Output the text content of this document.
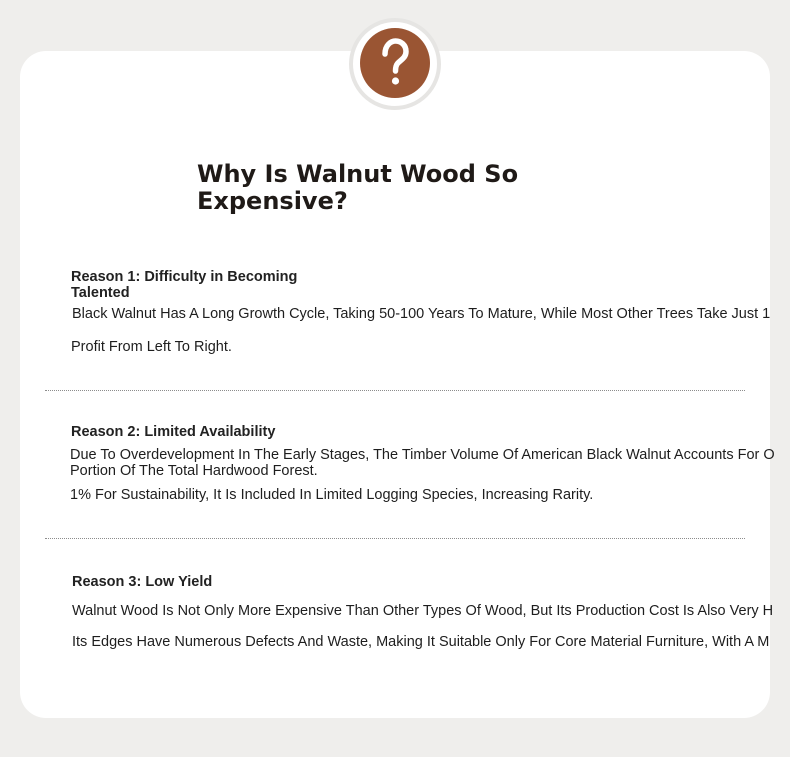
Why Is Walnut Wood So Expensive?
Reason 1: Difficulty in Becoming Talented
Black Walnut Has A Long Growth Cycle, Taking 50-100 Years To Mature, While Most Other Trees Take Just 1
Profit From Left To Right.
Reason 2: Limited Availability
Due To Overdevelopment In The Early Stages, The Timber Volume Of American Black Walnut Accounts For O
Portion Of The Total Hardwood Forest.
1% For Sustainability, It Is Included In Limited Logging Species, Increasing Rarity.
Reason 3: Low Yield
Walnut Wood Is Not Only More Expensive Than Other Types Of Wood, But Its Production Cost Is Also Very H
Its Edges Have Numerous Defects And Waste, Making It Suitable Only For Core Material Furniture, With A M
